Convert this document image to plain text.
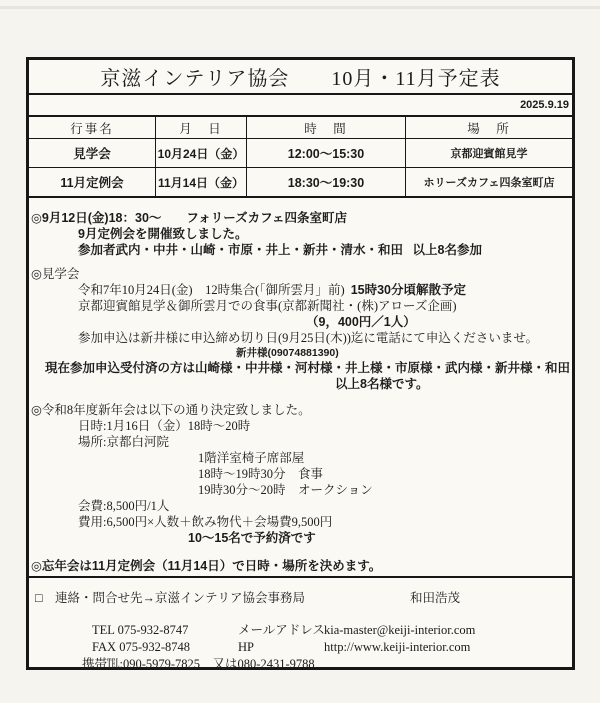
京滋インテリア協会　　10月・11月予定表
2025.9.19
行事名	月　日	時　間	場　所
見学会	10月24日（金）	12:00～15:30	京都迎賓館見学
11月定例会	11月14日（金）	18:30～19:30	ホリーズカフェ四条室町店
◎9月12日(金)18：30～　　フォリーズカフェ四条室町店
9月定例会を開催致しました。
参加者武内・中井・山崎・市原・井上・新井・清水・和田 以上8名参加
◎見学会
令和7年10月24日(金)　12時集合(「御所雲月」前) 15時30分頃解散予定
京都迎賓館見学＆御所雲月での食事(京都新聞社・(株)アローズ企画)
（9，400円／1人）
参加申込は新井様に申込締め切り日(9月25日(木))迄に電話にて申込くださいませ。
新井様(09074881390)
現在参加申込受付済の方は山崎様・中井様・河村様・井上様・市原様・武内様・新井様・和田
以上8名様です。
◎令和8年度新年会は以下の通り決定致しました。
日時:1月16日（金）18時～20時
場所:京都白河院
1階洋室椅子席部屋
18時～19時30分　食事
19時30分～20時　オークション
会費:8,500円/1人
費用:6,500円×人数＋飲み物代＋会場費9,500円
10～15名で予約済です
◎忘年会は11月定例会（11月14日）で日時・場所を決めます。
□　連絡・問合せ先→京滋インテリア協会事務局	和田浩茂
TEL 075-932-8747	メールアドレス kia-master@keiji-interior.com
FAX 075-932-8748	HP	http://www.keiji-interior.com
携帯℡:090-5979-7825　又は080-2431-9788
